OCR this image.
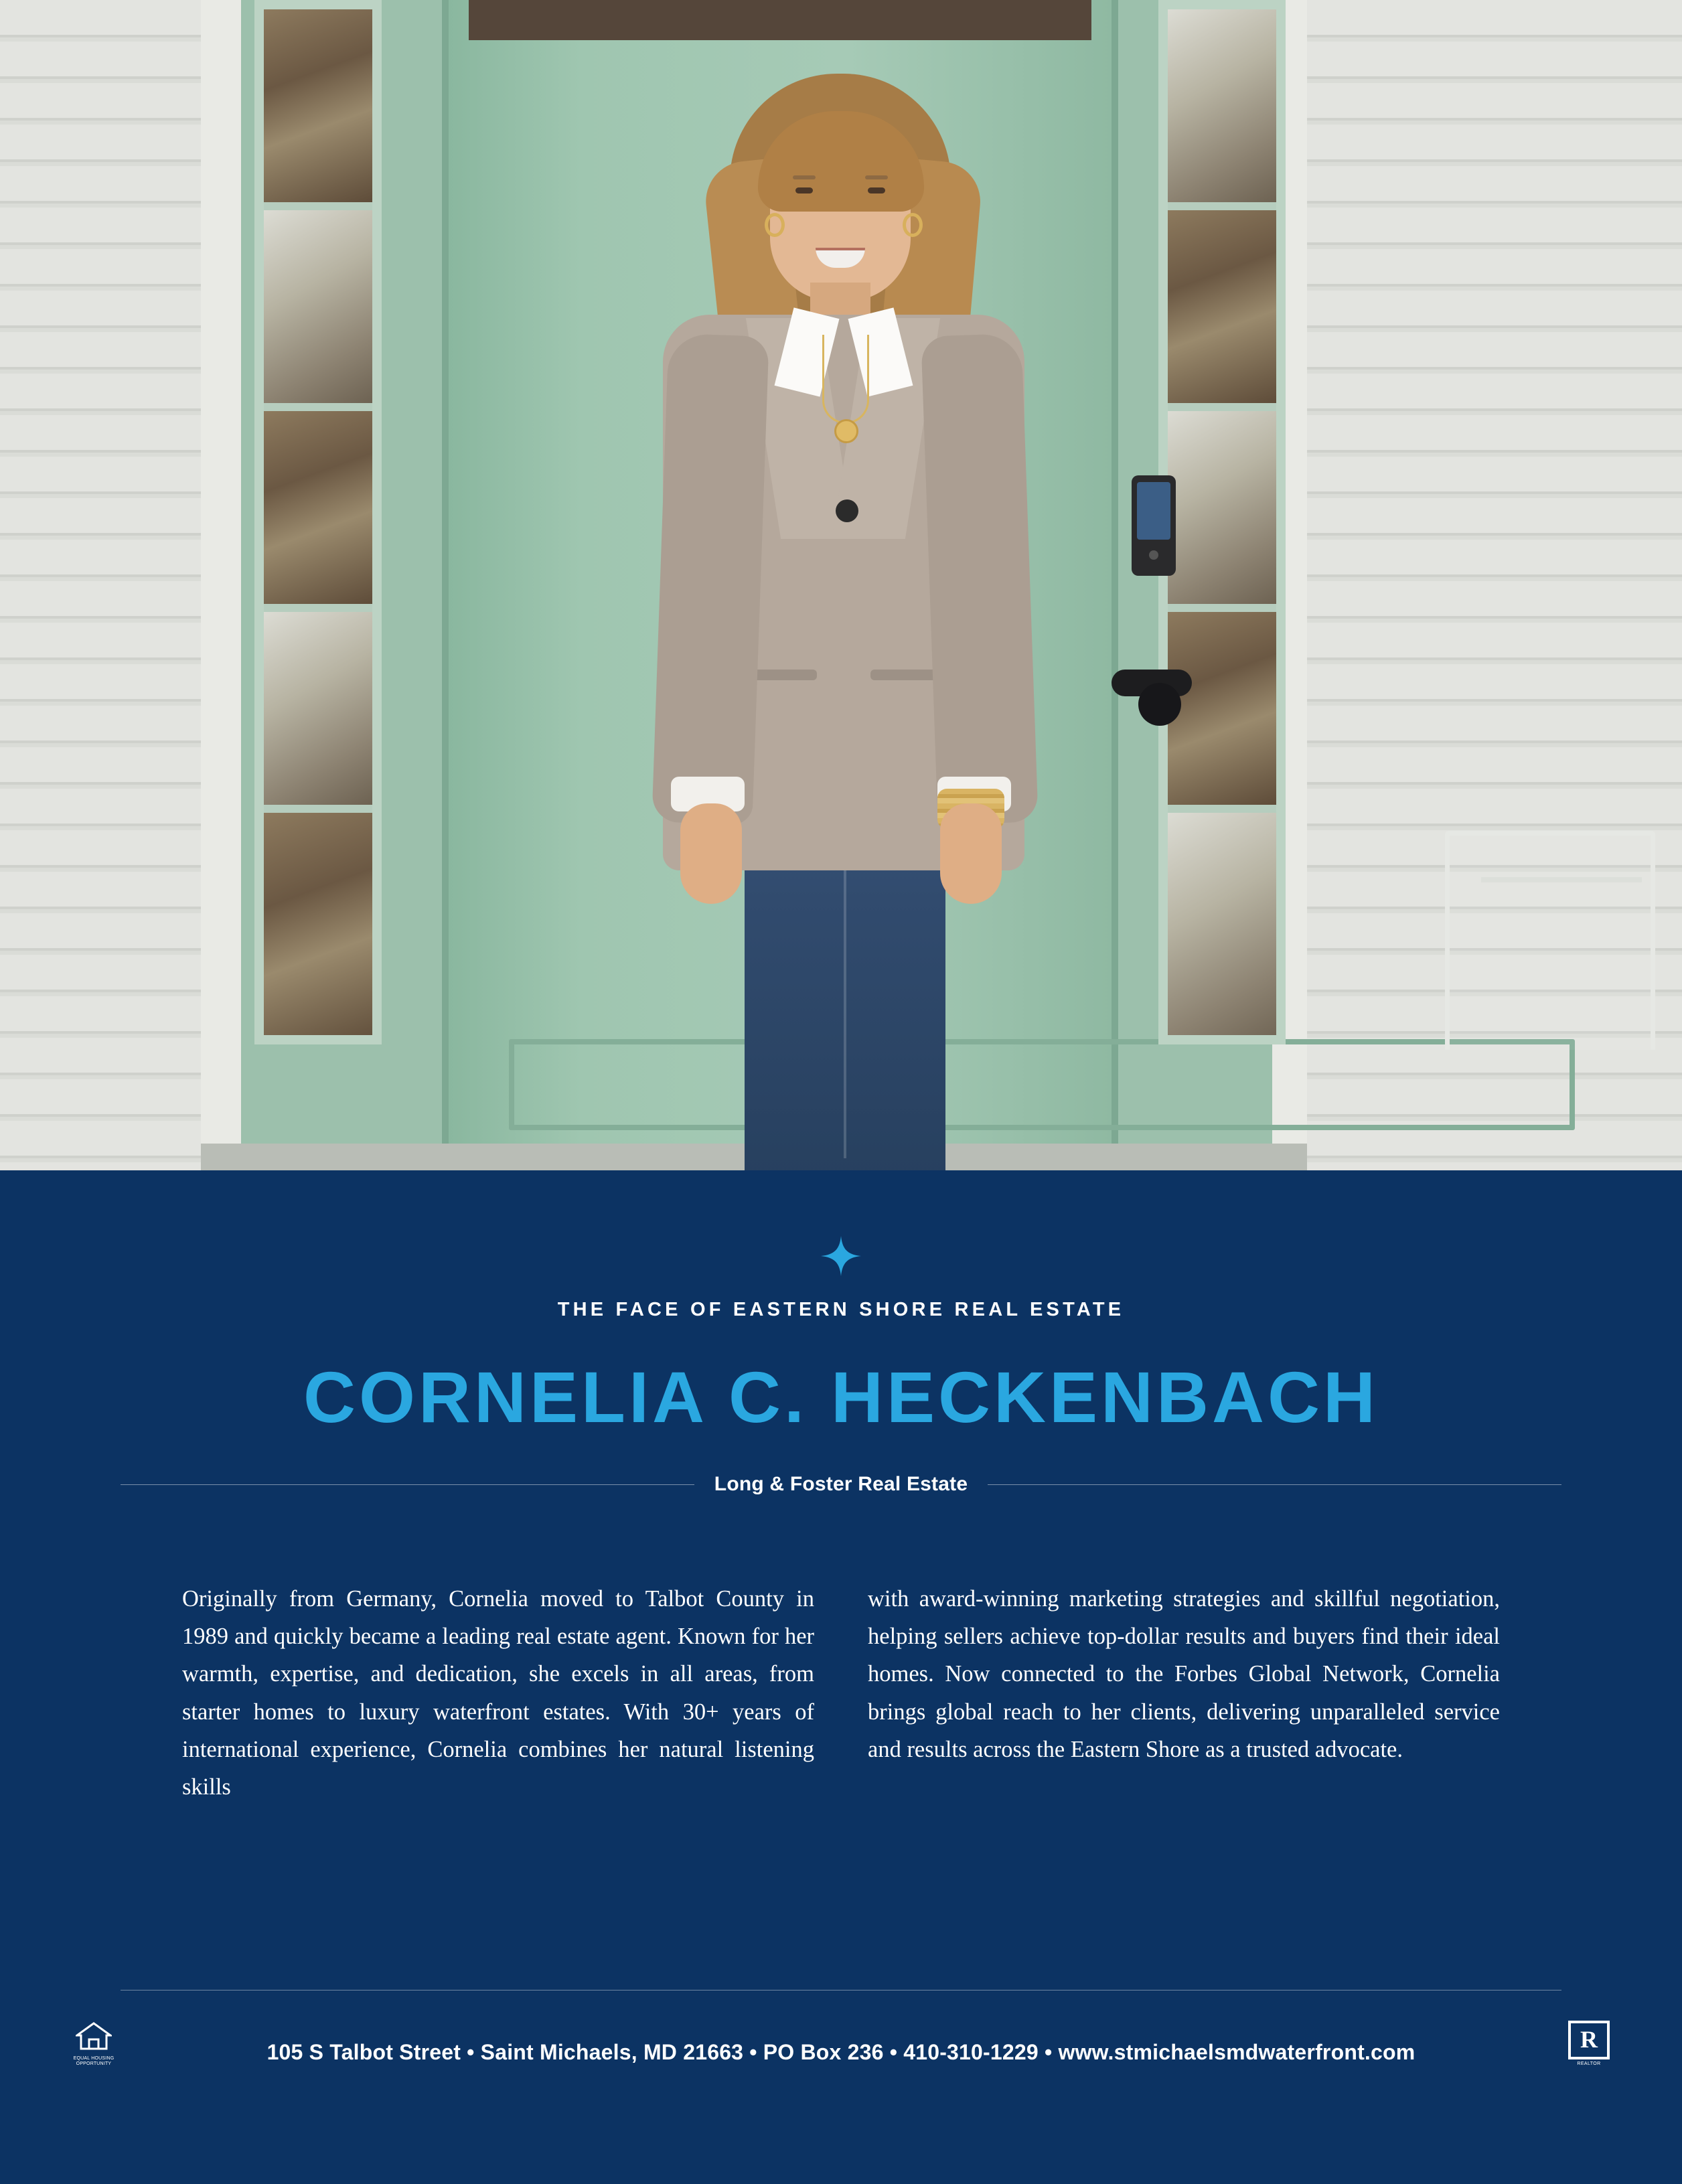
THE FACE OF EASTERN SHORE REAL ESTATE
CORNELIA C. HECKENBACH
Long & Foster Real Estate
Originally from Germany, Cornelia moved to Talbot County in 1989 and quickly became a leading real estate agent. Known for her warmth, expertise, and dedication, she excels in all areas, from starter homes to luxury waterfront estates. With 30+ years of international experience, Cornelia combines her natural listening skills
with award-winning marketing strategies and skillful negotiation, helping sellers achieve top-dollar results and buyers find their ideal homes. Now connected to the Forbes Global Network, Cornelia brings global reach to her clients, delivering unparalleled service and results across the Eastern Shore as a trusted advocate.
EQUAL HOUSING OPPORTUNITY	105 S Talbot Street • Saint Michaels, MD 21663 • PO Box 236 • 410-310-1229 • www.stmichaelsmdwaterfront.com	R
REALTOR
